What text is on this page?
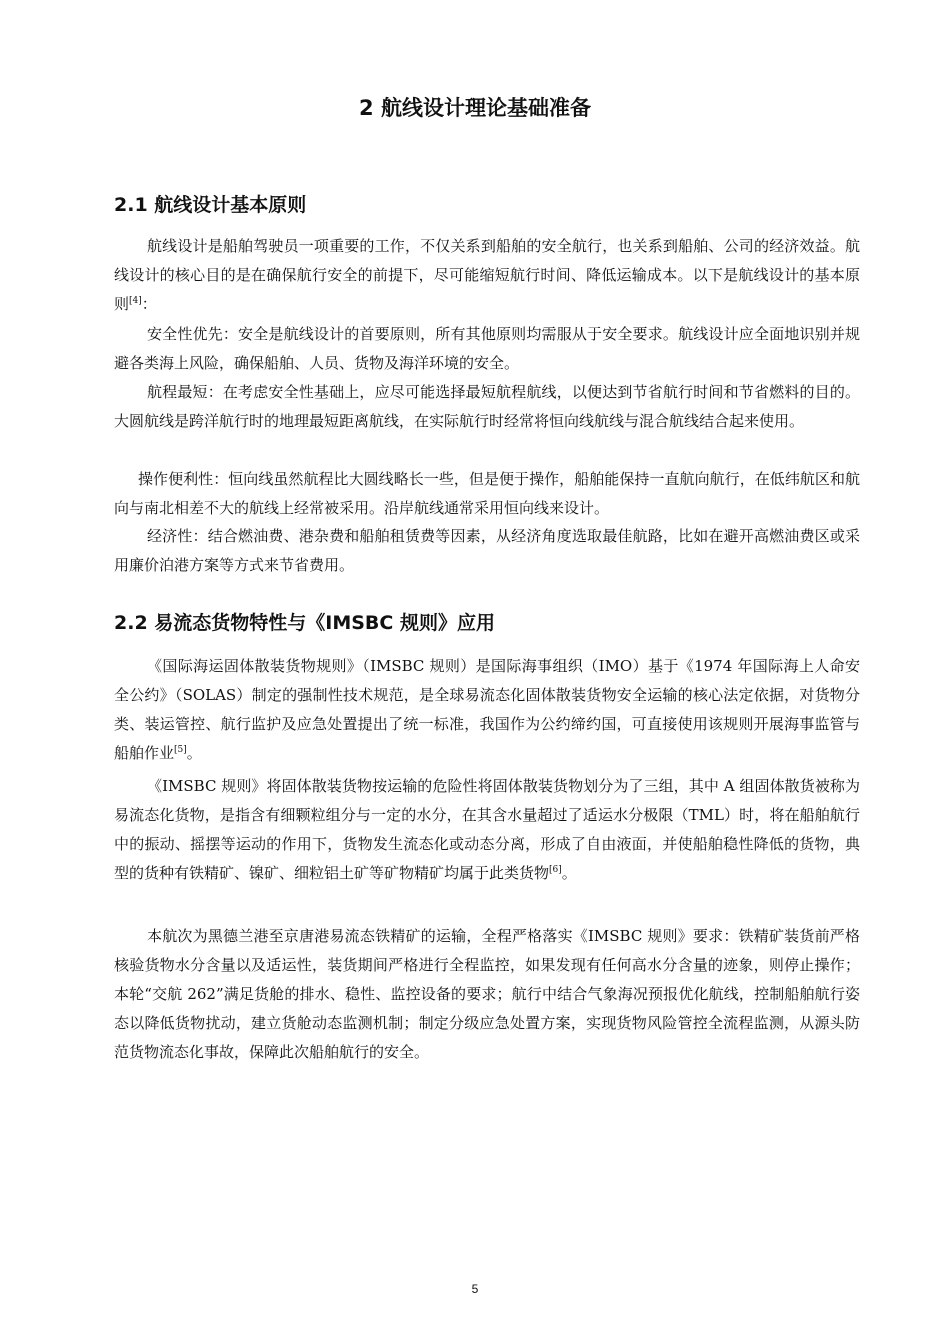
2 航线设计理论基础准备
2.1 航线设计基本原则

航线设计是船舶驾驶员一项重要的工作，不仅关系到船舶的安全航行，也关系到船舶、公司的经济效益。航线设计的核心目的是在确保航行安全的前提下，尽可能缩短航行时间、降低运输成本。以下是航线设计的基本原则[4]：

安全性优先：安全是航线设计的首要原则，所有其他原则均需服从于安全要求。航线设计应全面地识别并规避各类海上风险，确保船舶、人员、货物及海洋环境的安全。

航程最短：在考虑安全性基础上，应尽可能选择最短航程航线，以便达到节省航行时间和节省燃料的目的。大圆航线是跨洋航行时的地理最短距离航线，在实际航行时经常将恒向线航线与混合航线结合起来使用。

操作便利性：恒向线虽然航程比大圆线略长一些，但是便于操作，船舶能保持一直航向航行，在低纬航区和航向与南北相差不大的航线上经常被采用。沿岸航线通常采用恒向线来设计。

经济性：结合燃油费、港杂费和船舶租赁费等因素，从经济角度选取最佳航路，比如在避开高燃油费区或采用廉价泊港方案等方式来节省费用。

2.2 易流态货物特性与《IMSBC 规则》应用

《国际海运固体散装货物规则》（IMSBC 规则）是国际海事组织（IMO）基于《1974 年国际海上人命安全公约》（SOLAS）制定的强制性技术规范，是全球易流态化固体散装货物安全运输的核心法定依据，对货物分类、装运管控、航行监护及应急处置提出了统一标准，我国作为公约缔约国，可直接使用该规则开展海事监管与船舶作业[5]。

《IMSBC 规则》将固体散装货物按运输的危险性将固体散装货物划分为了三组，其中 A 组固体散货被称为易流态化货物，是指含有细颗粒组分与一定的水分，在其含水量超过了适运水分极限（TML）时，将在船舶航行中的振动、摇摆等运动的作用下，货物发生流态化或动态分离，形成了自由液面，并使船舶稳性降低的货物，典型的货种有铁精矿、镍矿、细粒铝土矿等矿物精矿均属于此类货物[6]。

本航次为黑德兰港至京唐港易流态铁精矿的运输，全程严格落实《IMSBC 规则》要求：铁精矿装货前严格核验货物水分含量以及适运性，装货期间严格进行全程监控，如果发现有任何高水分含量的迹象，则停止操作；本轮“交航 262”满足货舱的排水、稳性、监控设备的要求；航行中结合气象海况预报优化航线，控制船舶航行姿态以降低货物扰动，建立货舱动态监测机制；制定分级应急处置方案，实现货物风险管控全流程监测，从源头防范货物流态化事故，保障此次船舶航行的安全。

5
